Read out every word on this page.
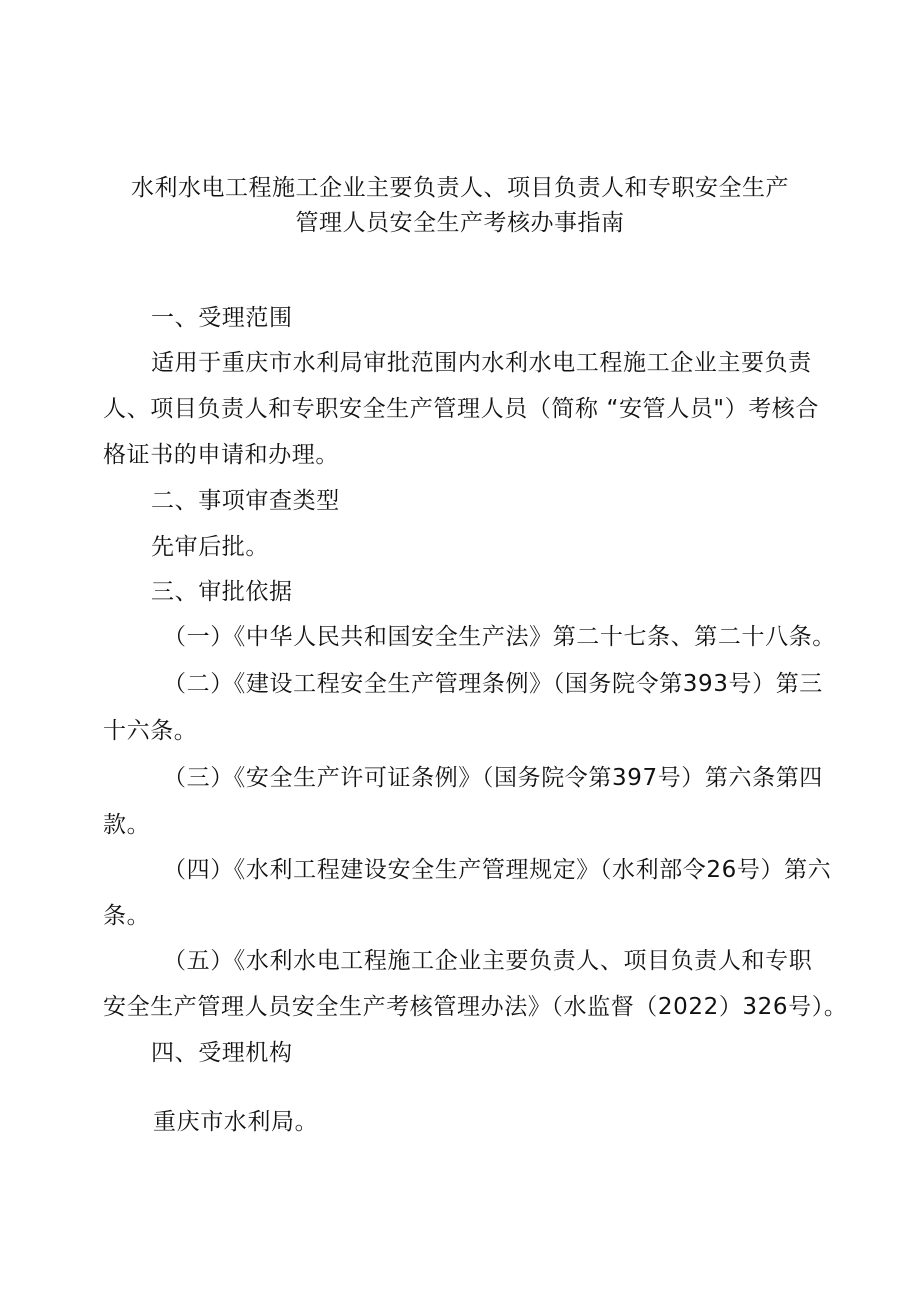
水利水电工程施工企业主要负责人、项目负责人和专职安全生产
管理人员安全生产考核办事指南
一、受理范围
适用于重庆市水利局审批范围内水利水电工程施工企业主要负责
人、项目负责人和专职安全生产管理人员（简称 “安管人员"）考核合
格证书的申请和办理。
二、事项审查类型
先审后批。
三、审批依据
（一）《中华人民共和国安全生产法》第二十七条、第二十八条。
（二）《建设工程安全生产管理条例》（国务院令第393号）第三
十六条。
（三）《安全生产许可证条例》（国务院令第397号）第六条第四
款。
（四）《水利工程建设安全生产管理规定》（水利部令26号）第六
条。
（五）《水利水电工程施工企业主要负责人、项目负责人和专职
安全生产管理人员安全生产考核管理办法》（水监督（2022）326号）。
四、受理机构
重庆市水利局。
